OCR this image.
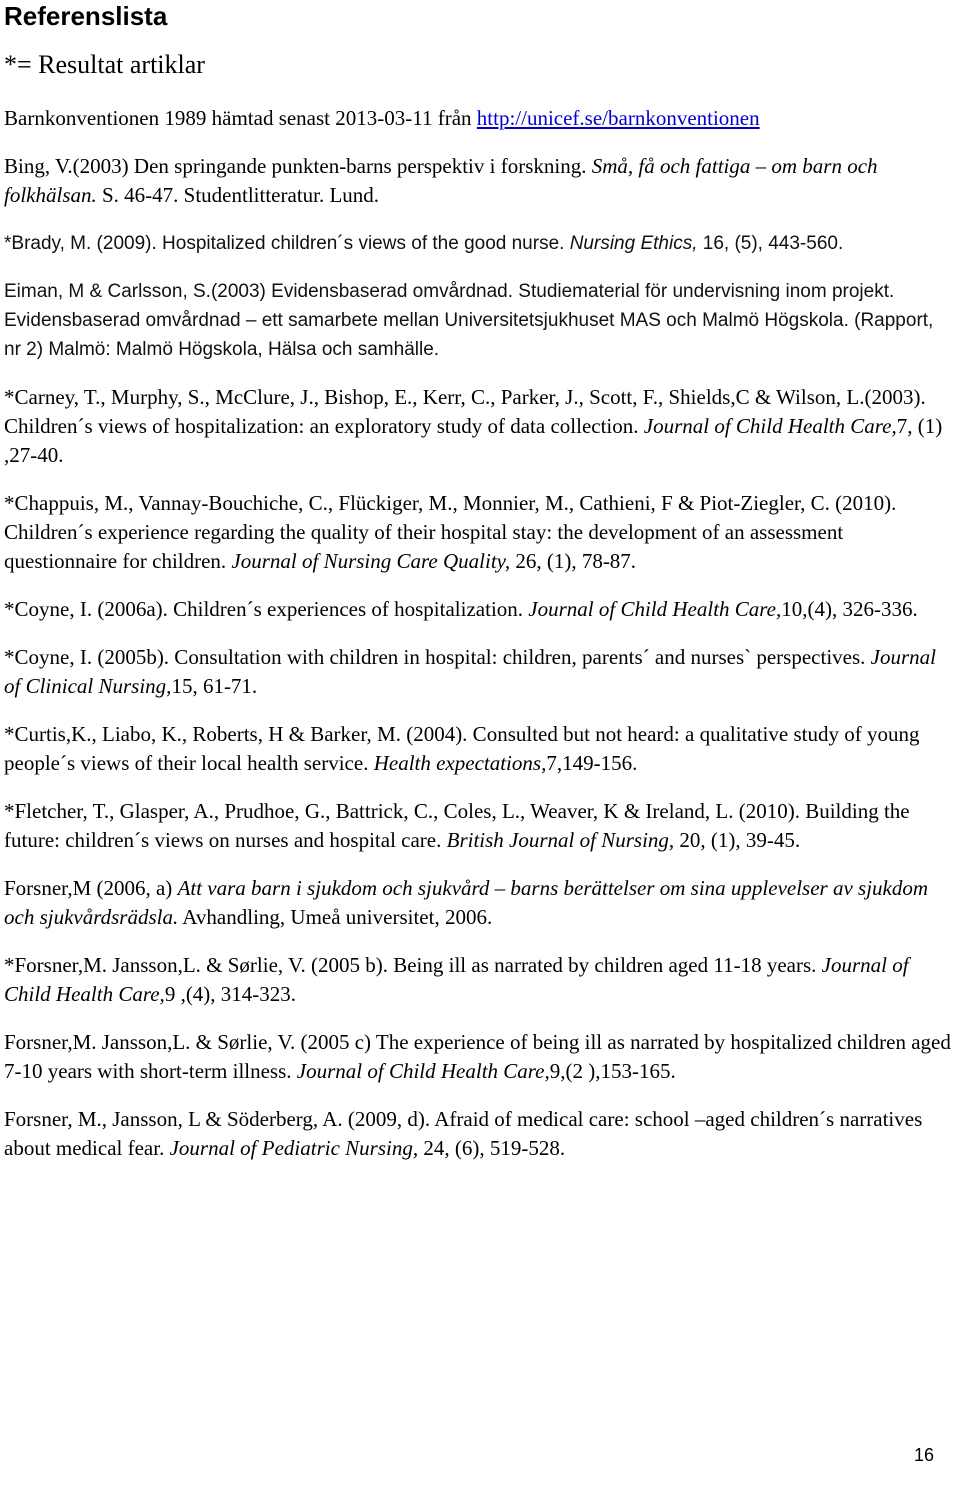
Referenslista

*= Resultat artiklar

Barnkonventionen 1989 hämtad senast 2013-03-11 från http://unicef.se/barnkonventionen

Bing, V.(2003) Den springande punkten-barns perspektiv i forskning. Små, få och fattiga – om barn och folkhälsan. S. 46-47. Studentlitteratur. Lund.

*Brady, M. (2009). Hospitalized children´s views of the good nurse. Nursing Ethics, 16, (5), 443-560.

Eiman, M & Carlsson, S.(2003) Evidensbaserad omvårdnad. Studiematerial för undervisning inom projekt. Evidensbaserad omvårdnad – ett samarbete mellan Universitetsjukhuset MAS och Malmö Högskola. (Rapport, nr 2) Malmö: Malmö Högskola, Hälsa och samhälle.

*Carney, T., Murphy, S., McClure, J., Bishop, E., Kerr, C., Parker, J., Scott, F., Shields,C & Wilson, L.(2003). Children´s views of hospitalization: an exploratory study of data collection. Journal of Child Health Care,7, (1) ,27-40.

*Chappuis, M., Vannay-Bouchiche, C., Flückiger, M., Monnier, M., Cathieni, F & Piot-Ziegler, C. (2010). Children´s experience regarding the quality of their hospital stay: the development of an assessment questionnaire for children. Journal of Nursing Care Quality, 26, (1), 78-87.

*Coyne, I. (2006a). Children´s experiences of hospitalization. Journal of Child Health Care,10,(4), 326-336.

*Coyne, I. (2005b). Consultation with children in hospital: children, parents´ and nurses` perspectives. Journal of Clinical Nursing,15, 61-71.

*Curtis,K., Liabo, K., Roberts, H & Barker, M. (2004). Consulted but not heard: a qualitative study of young people´s views of their local health service. Health expectations,7,149-156.

*Fletcher, T., Glasper, A., Prudhoe, G., Battrick, C., Coles, L., Weaver, K & Ireland, L. (2010). Building the future: children´s views on nurses and hospital care. British Journal of Nursing, 20, (1), 39-45.

Forsner,M (2006, a) Att vara barn i sjukdom och sjukvård – barns berättelser om sina upplevelser av sjukdom och sjukvårdsrädsla. Avhandling, Umeå universitet, 2006.

*Forsner,M. Jansson,L. & Sørlie, V. (2005 b). Being ill as narrated by children aged 11-18 years. Journal of Child Health Care,9 ,(4), 314-323.

Forsner,M. Jansson,L. & Sørlie, V. (2005 c) The experience of being ill as narrated by hospitalized children aged 7-10 years with short-term illness. Journal of Child Health Care,9,(2 ),153-165.

Forsner, M., Jansson, L & Söderberg, A. (2009, d). Afraid of medical care: school –aged children´s narratives about medical fear. Journal of Pediatric Nursing, 24, (6), 519-528.

16
